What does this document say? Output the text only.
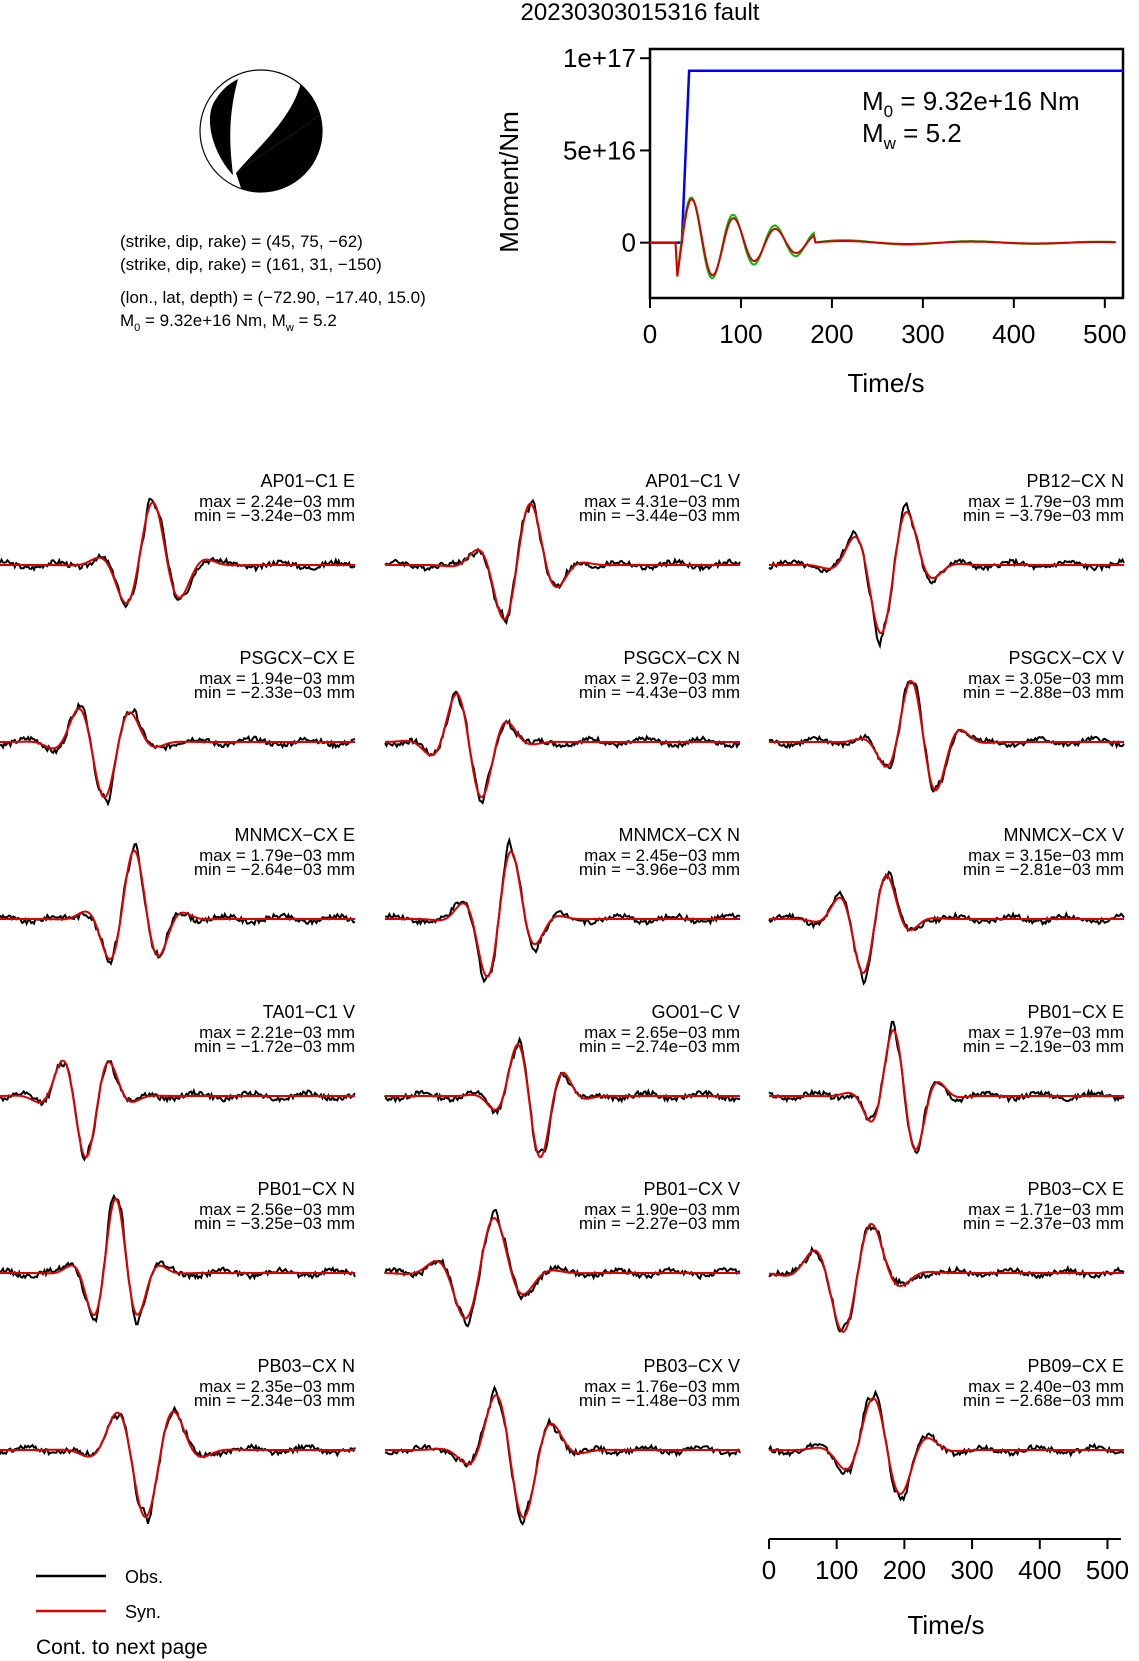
20230303015316 fault
(strike, dip, rake) = (45, 75, −62)
(strike, dip, rake) = (161, 31, −150)
(lon., lat, depth) = (−72.90, −17.40, 15.0)
$M_0 = 9.32e+16$ Nm, $M_w = 5.2$
0
5e+16
1e+17
0 100 200 300 400 500
Moment/Nm
Time/s
$M_0 = 9.32e+16$ Nm
$M_w = 5.2$
AP01−C1 E
max = 2.24e−03 mm
min = −3.24e−03 mm
AP01−C1 V
max = 4.31e−03 mm
min = −3.44e−03 mm
PB12−CX N
max = 1.79e−03 mm
min = −3.79e−03 mm
PSGCX−CX E
max = 1.94e−03 mm
min = −2.33e−03 mm
PSGCX−CX N
max = 2.97e−03 mm
min = −4.43e−03 mm
PSGCX−CX V
max = 3.05e−03 mm
min = −2.88e−03 mm
MNMCX−CX E
max = 1.79e−03 mm
min = −2.64e−03 mm
MNMCX−CX N
max = 2.45e−03 mm
min = −3.96e−03 mm
MNMCX−CX V
max = 3.15e−03 mm
min = −2.81e−03 mm
TA01−C1 V
max = 2.21e−03 mm
min = −1.72e−03 mm
GO01−C V
max = 2.65e−03 mm
min = −2.74e−03 mm
PB01−CX E
max = 1.97e−03 mm
min = −2.19e−03 mm
PB01−CX N
max = 2.56e−03 mm
min = −3.25e−03 mm
PB01−CX V
max = 1.90e−03 mm
min = −2.27e−03 mm
PB03−CX E
max = 1.71e−03 mm
min = −2.37e−03 mm
PB03−CX N
max = 2.35e−03 mm
min = −2.34e−03 mm
PB03−CX V
max = 1.76e−03 mm
min = −1.48e−03 mm
PB09−CX E
max = 2.40e−03 mm
min = −2.68e−03 mm
0 100 200 300 400 500
Time/s
Obs.
Syn.
Cont. to next page
